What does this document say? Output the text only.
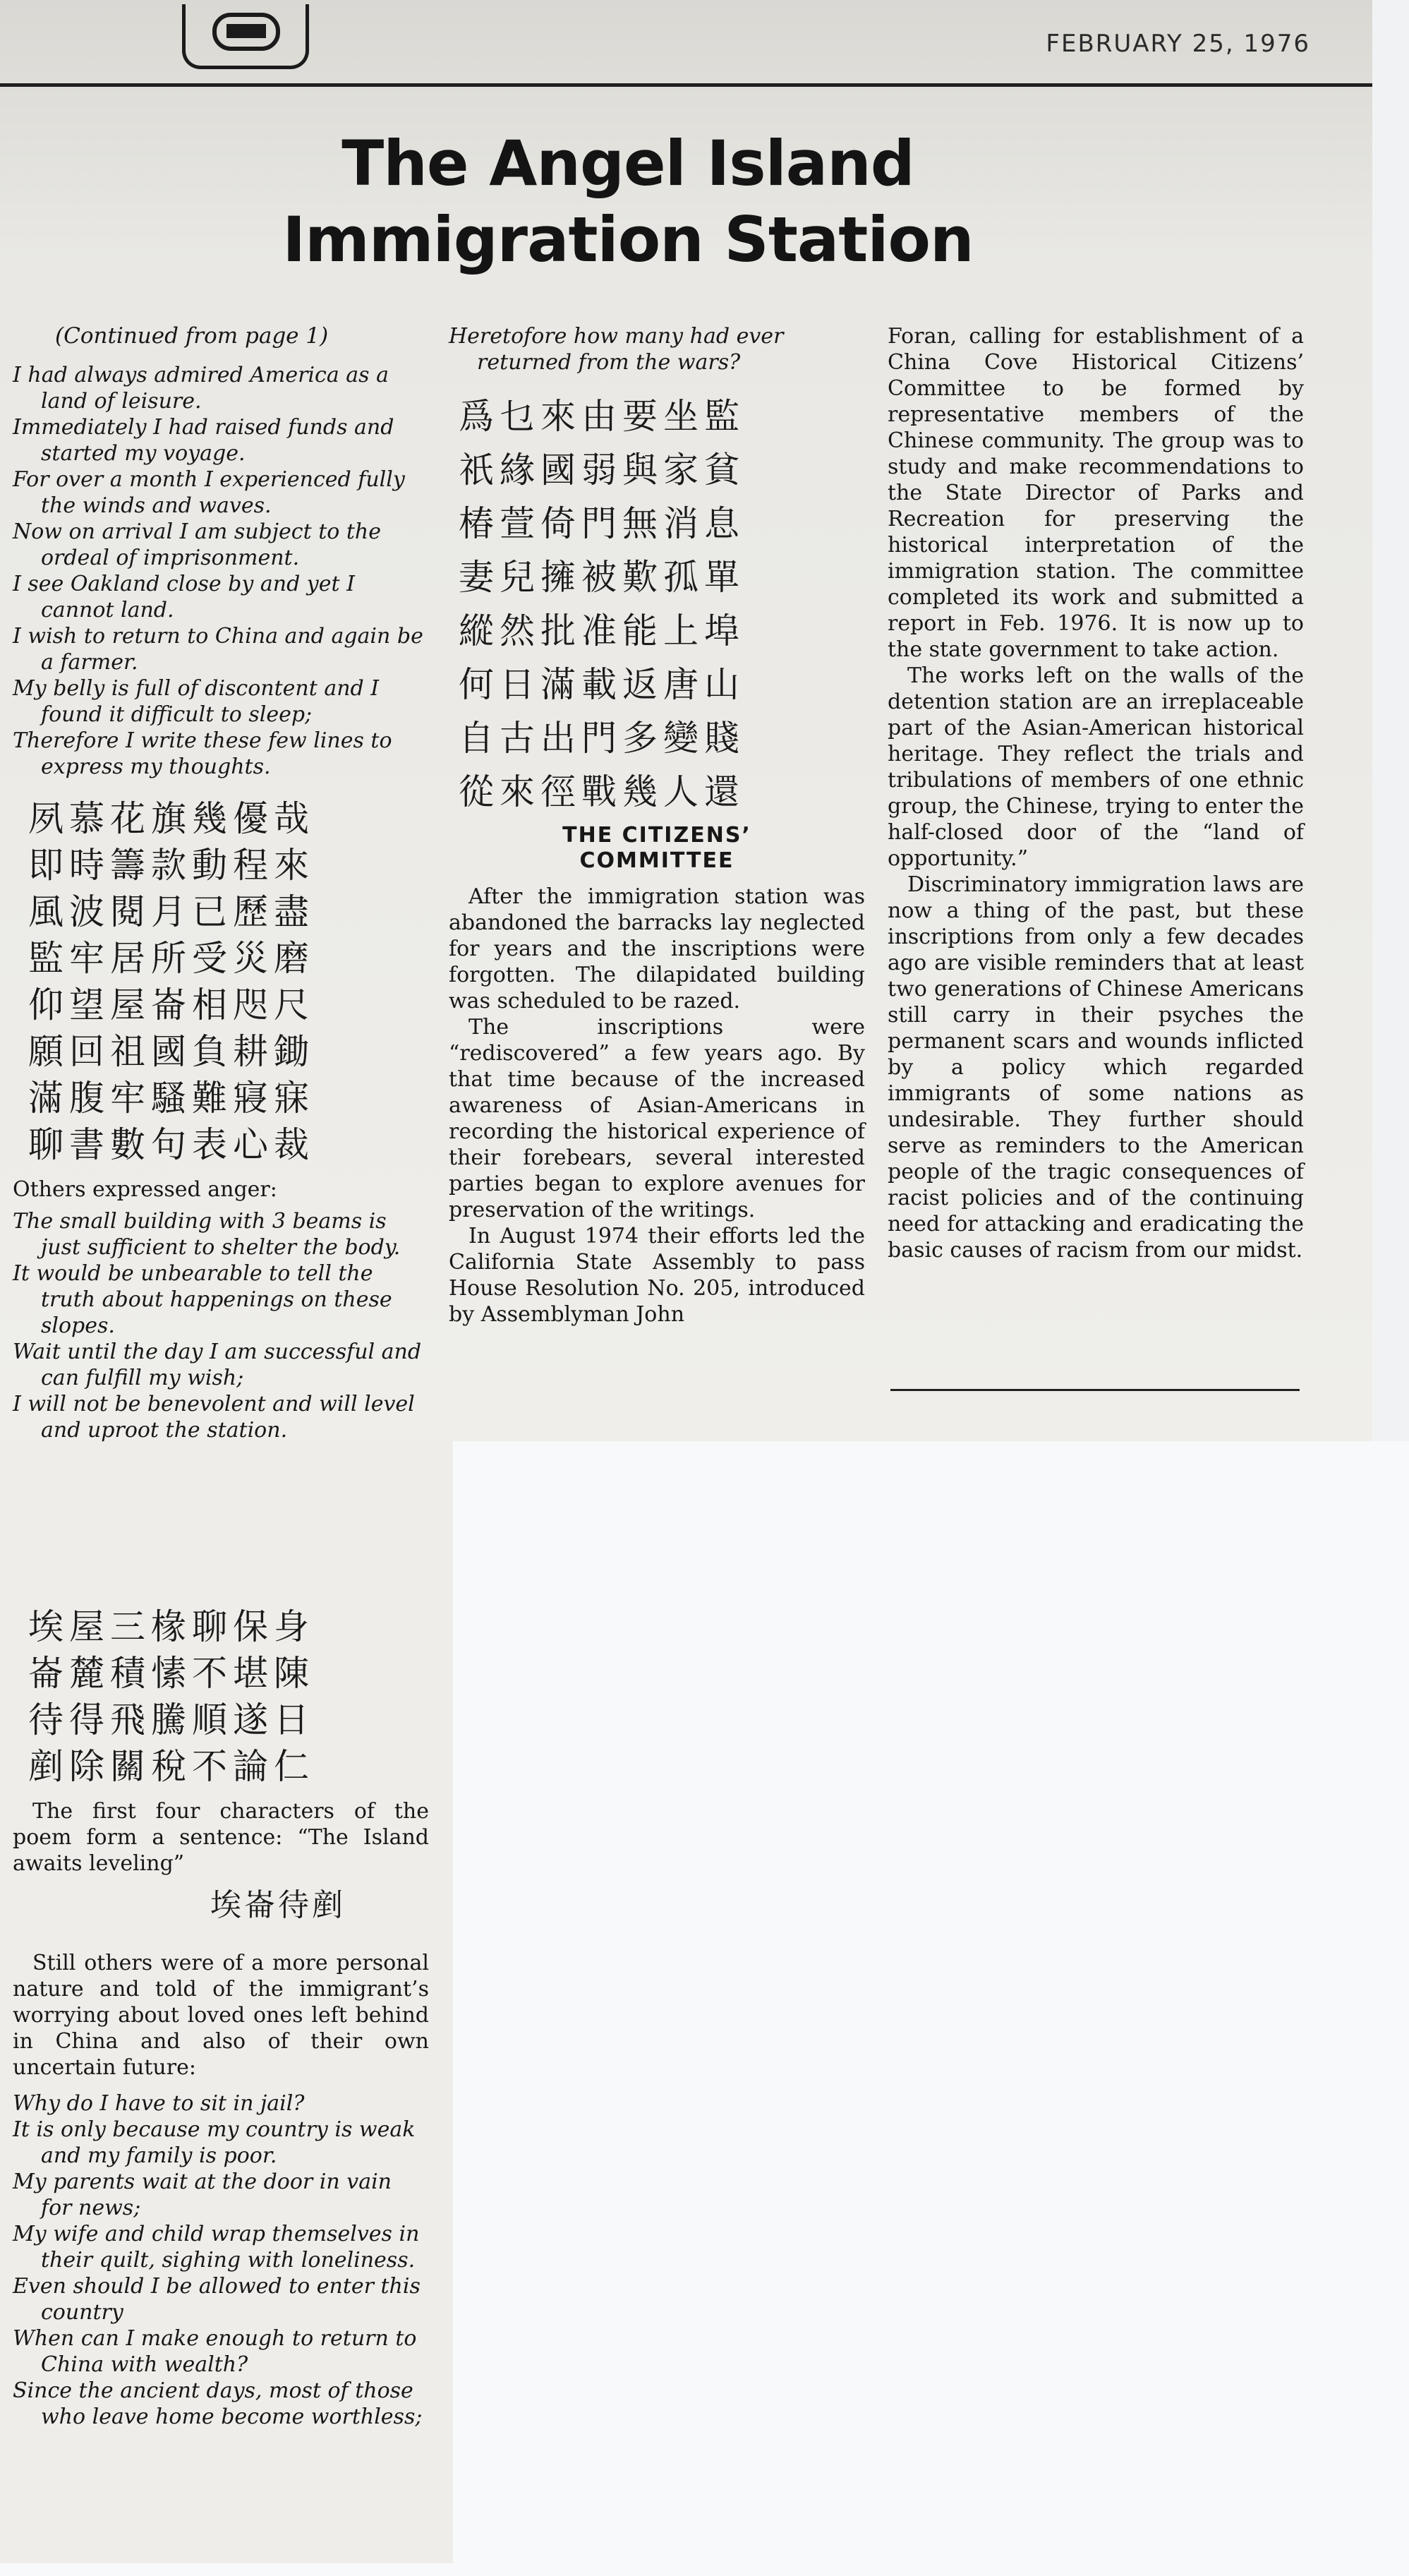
FEBRUARY 25, 1976
The Angel Island
Immigration Station

(Continued from page 1)

I had always admired America as a land of leisure.

Immediately I had raised funds and started my voyage.

For over a month I experienced fully the winds and waves.

Now on arrival I am subject to the ordeal of imprisonment.

I see Oakland close by and yet I cannot land.

I wish to return to China and again be a farmer.

My belly is full of discontent and I found it difficult to sleep;

Therefore I write these few lines to express my thoughts.

夙慕花旗幾優哉

即時籌款動程來

風波閱月已歷盡

監牢居所受災磨

仰望屋崙相咫尺

願回祖國負耕鋤

滿腹牢騷難寢寐

聊書數句表心裁

Others expressed anger:

The small building with 3 beams is just sufficient to shelter the body.

It would be unbearable to tell the truth about happenings on these slopes.

Wait until the day I am successful and can fulfill my wish;

I will not be benevolent and will level and uproot the station.

埃屋三椽聊保身

崙麓積愫不堪陳

待得飛騰順遂日

剷除關稅不論仁

The first four characters of the poem form a sentence: “The Island awaits leveling”

埃崙待剷

Still others were of a more personal nature and told of the immigrant’s worrying about loved ones left behind in China and also of their own uncertain future:

Why do I have to sit in jail?

It is only because my country is weak and my family is poor.

My parents wait at the door in vain for news;

My wife and child wrap themselves in their quilt, sighing with loneliness.

Even should I be allowed to enter this country

When can I make enough to return to China with wealth?

Since the ancient days, most of those who leave home become worthless;

Heretofore how many had ever returned from the wars?

爲乜來由要坐監

祇緣國弱與家貧

椿萱倚門無消息

妻兒擁被歎孤單

縱然批准能上埠

何日滿載返唐山

自古出門多變賤

從來徑戰幾人還

THE CITIZENS’

COMMITTEE

After the immigration station was abandoned the barracks lay neglected for years and the inscriptions were forgotten. The dilapidated building was scheduled to be razed.

The inscriptions were “rediscovered” a few years ago. By that time because of the increased awareness of Asian-Americans in recording the historical experience of their forebears, several interested parties began to explore avenues for preservation of the writings.

In August 1974 their efforts led the California State Assembly to pass House Resolution No. 205, introduced by Assemblyman John

Foran, calling for establishment of a China Cove Historical Citizens’ Committee to be formed by representative members of the Chinese community. The group was to study and make recommendations to the State Director of Parks and Recreation for preserving the historical interpretation of the immigration station. The committee completed its work and submitted a report in Feb. 1976. It is now up to the state government to take action.

The works left on the walls of the detention station are an irreplaceable part of the Asian-American historical heritage. They reflect the trials and tribulations of members of one ethnic group, the Chinese, trying to enter the half-closed door of the “land of opportunity.”

Discriminatory immigration laws are now a thing of the past, but these inscriptions from only a few decades ago are visible reminders that at least two generations of Chinese Americans still carry in their psyches the permanent scars and wounds inflicted by a policy which regarded immigrants of some nations as undesirable. They further should serve as reminders to the American people of the tragic consequences of racist policies and of the continuing need for attacking and eradicating the basic causes of racism from our midst.
